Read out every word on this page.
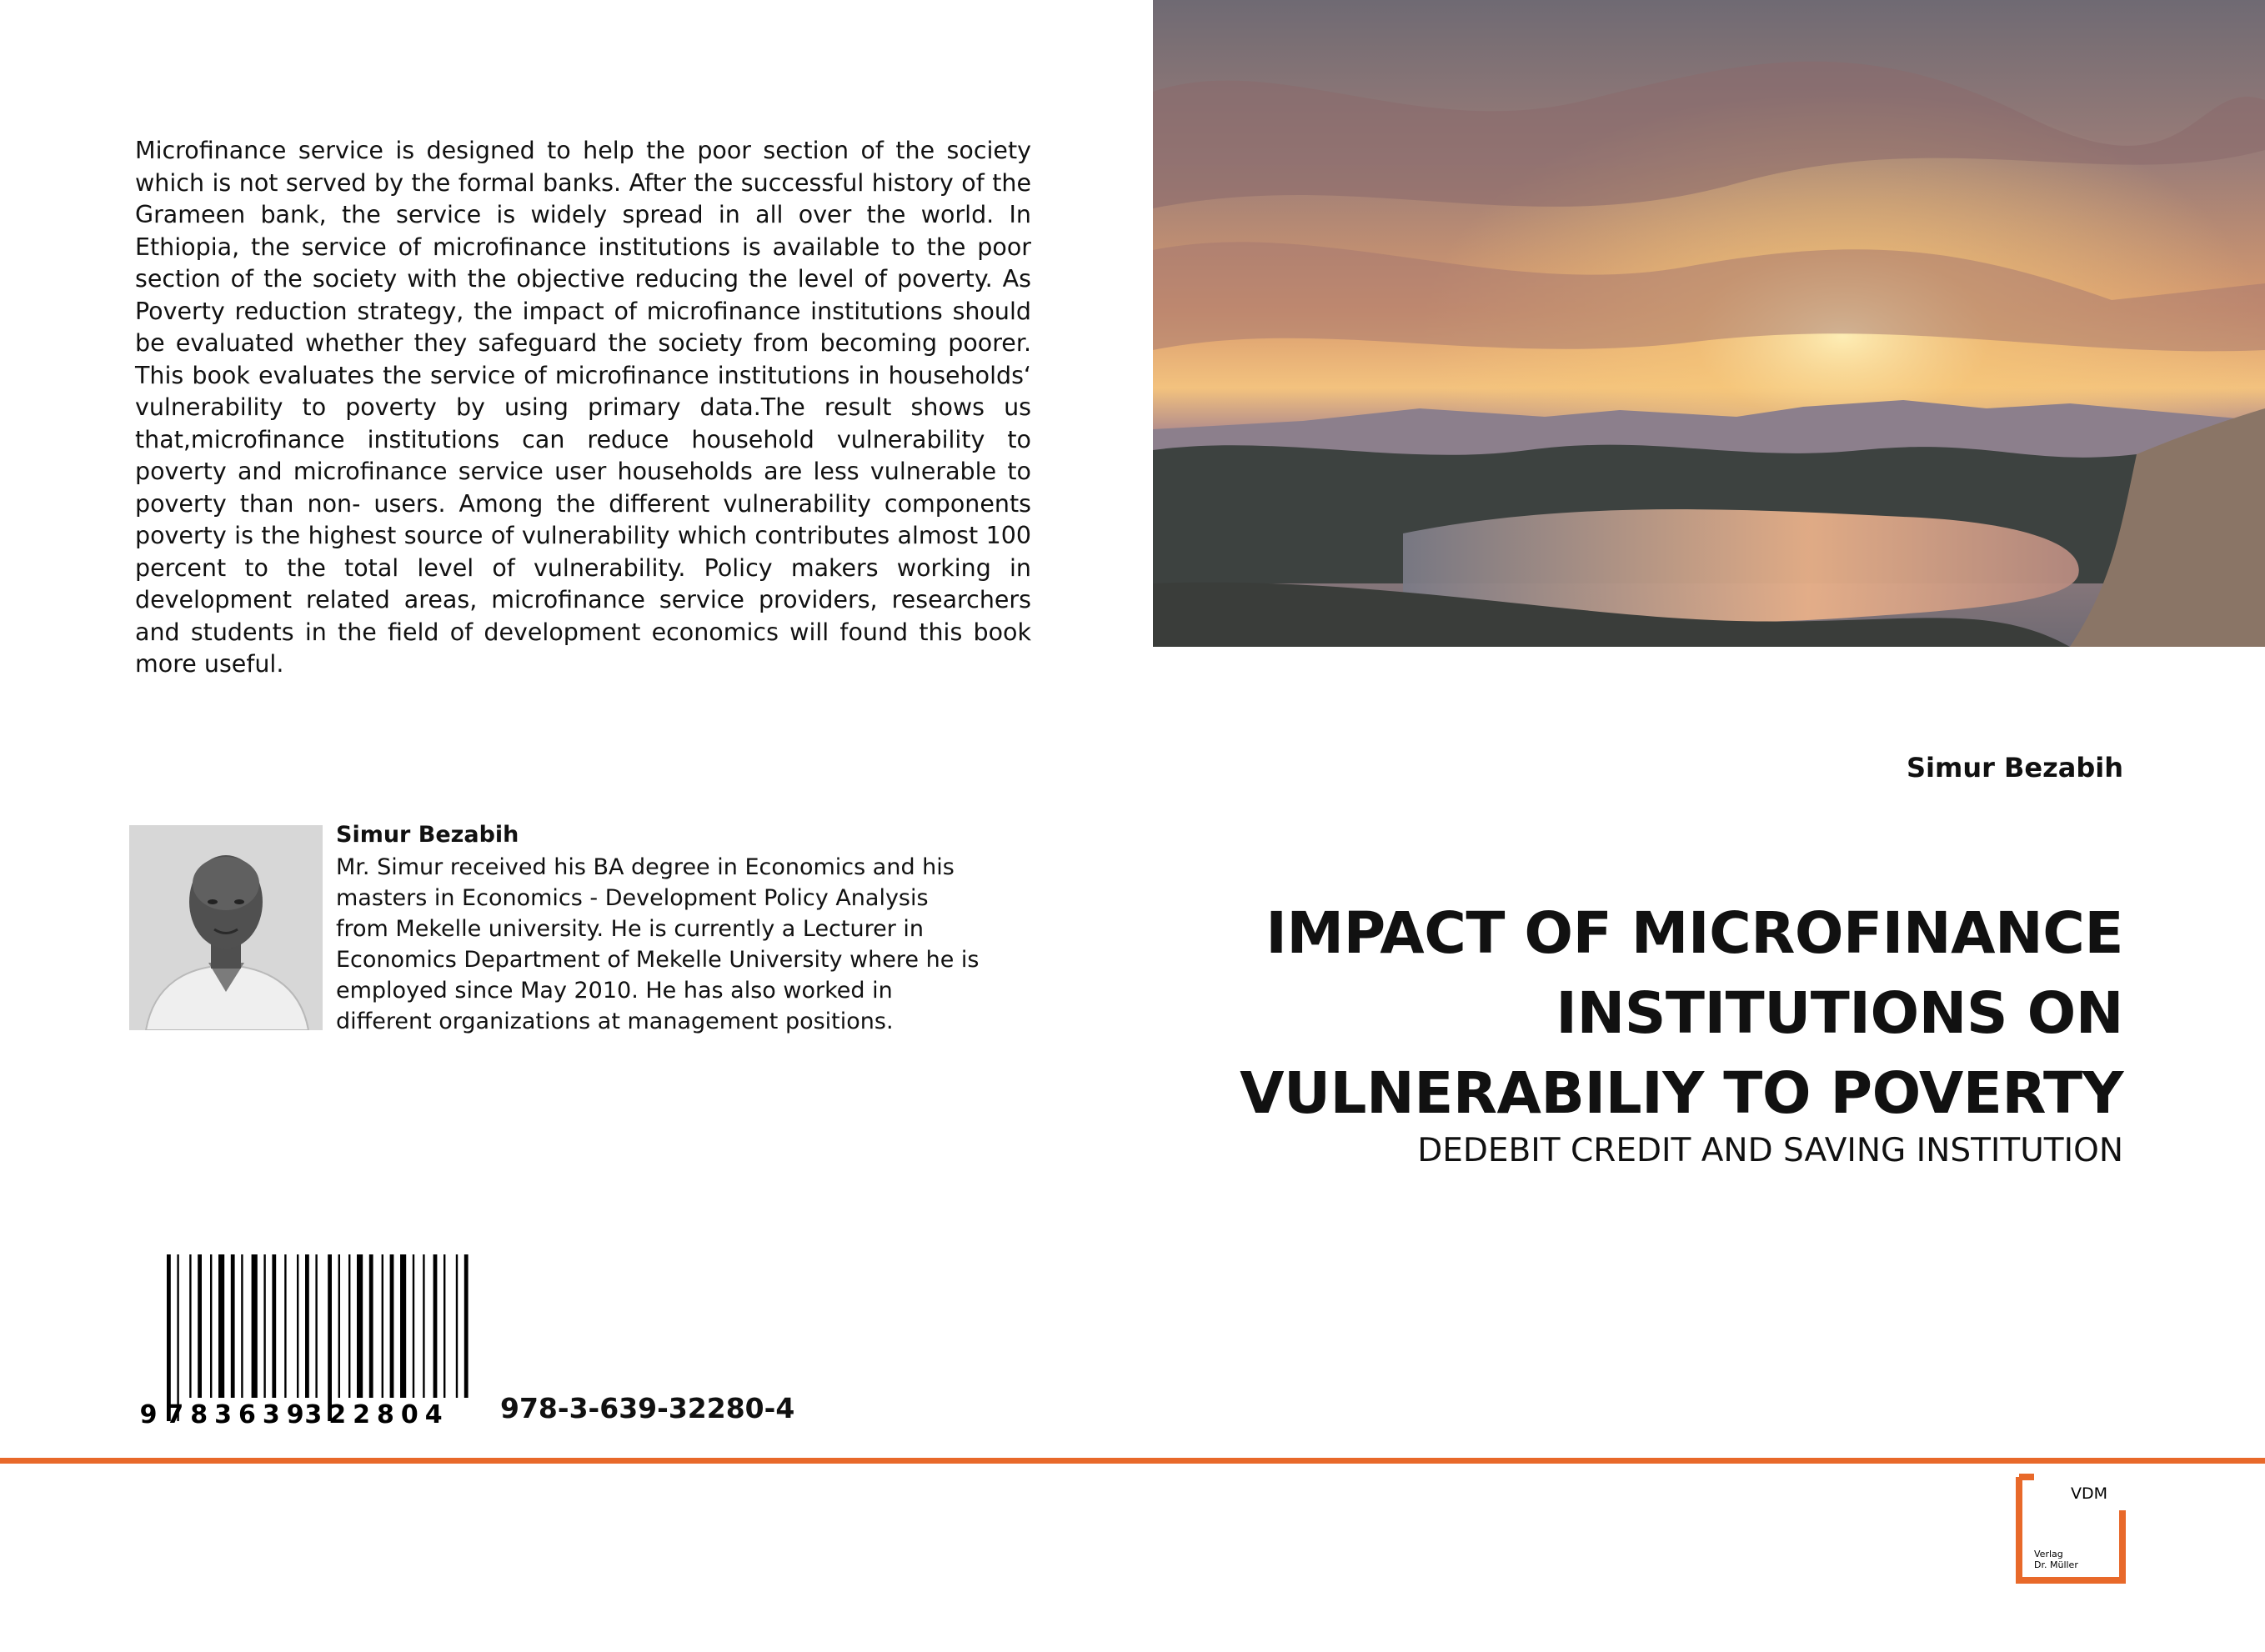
Microfinance service is designed to help the poor section of the society which is not served by the formal banks. After the successful history of the Grameen bank, the service is widely spread in all over the world. In Ethiopia, the service of microfinance institutions is available to the poor section of the society with the objective reducing the level of poverty. As Poverty reduction strategy, the impact of microfinance institutions should be evaluated whether they safeguard the society from becoming poorer. This book evaluates the service of microfinance institutions in households‘ vulnerability to poverty by using primary data.The result shows us that,microfinance institutions can reduce household vulnerability to poverty and microfinance service user households are less vulnerable to poverty than non- users. Among the different vulnerability components poverty is the highest source of vulnerability which contributes almost 100 percent to the total level of vulnerability. Policy makers working in development related areas, microfinance service providers, researchers and students in the field of development economics will found this book more useful.

Simur Bezabih

Simur Bezabih

Mr. Simur received his BA degree in Economics and his masters in Economics - Development Policy Analysis from Mekelle university. He is currently a Lecturer in Economics Department of Mekelle University where he is employed since May 2010. He has also worked in different organizations at management positions.

IMPACT OF MICROFINANCE
INSTITUTIONS ON
VULNERABILIY TO POVERTY

DEDEBIT CREDIT AND SAVING INSTITUTION

9 783639
322804 978-3-639-32280-4

VDM
Verlag
Dr. Müller
